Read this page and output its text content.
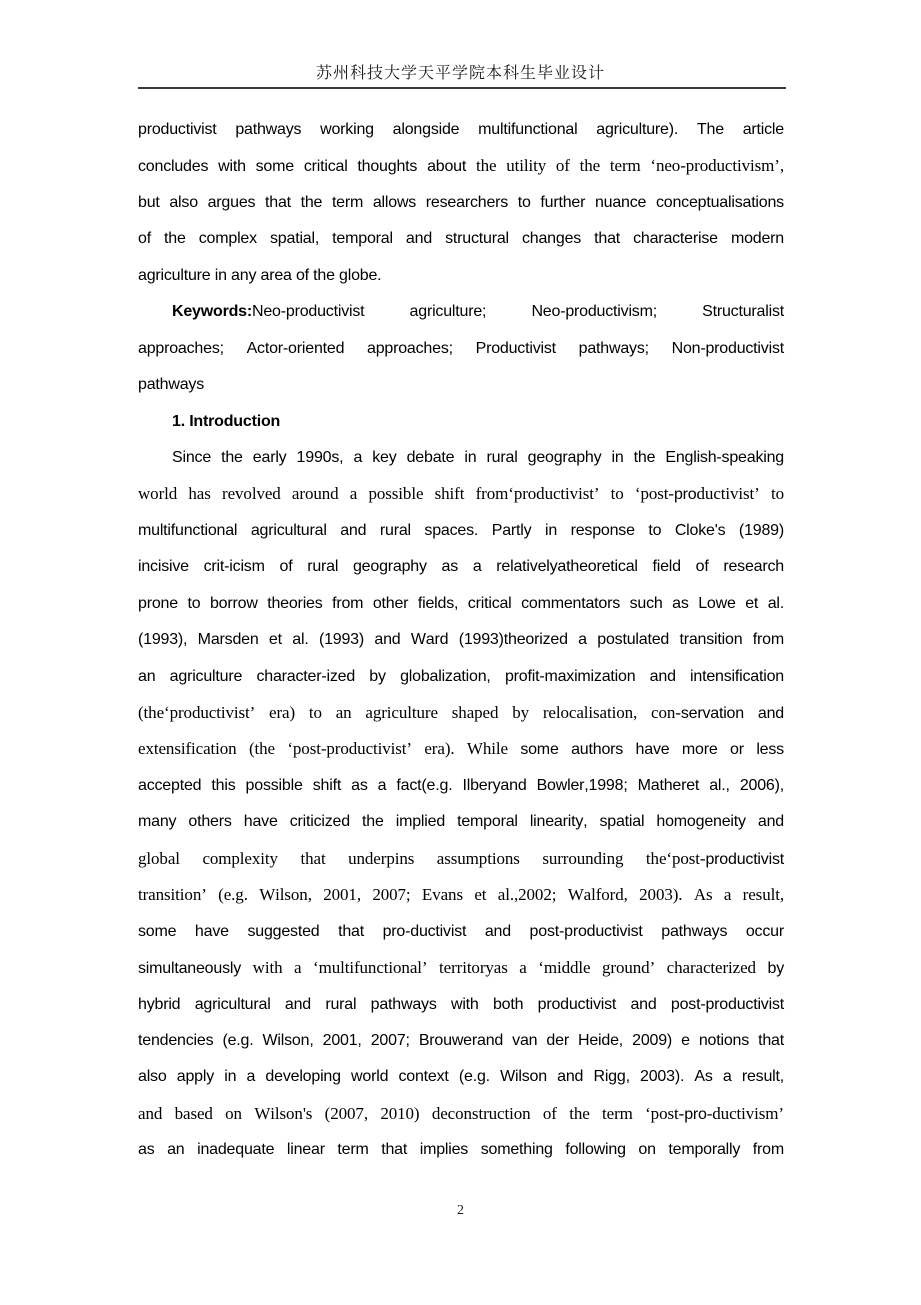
苏州科技大学天平学院本科生毕业设计
productivist pathways working alongside multifunctional agriculture). The article
concludes with some critical thoughts about the utility of the term ‘neo-productivism’,
but also argues that the term allows researchers to further nuance conceptualisations
of the complex spatial, temporal and structural changes that characterise modern
agriculture in any area of the globe.
Keywords:Neo-productivist agriculture; Neo-productivism; Structuralist
approaches; Actor-oriented approaches; Productivist pathways; Non-productivist
pathways
1. Introduction
Since the early 1990s, a key debate in rural geography in the English-speaking
world has revolved around a possible shift from‘productivist’ to ‘post-productivist’ to
multifunctional agricultural and rural spaces. Partly in response to Cloke's (1989)
incisive crit-icism of rural geography as a relativelyatheoretical field of research
prone to borrow theories from other fields, critical commentators such as Lowe et al.
(1993), Marsden et al. (1993) and Ward (1993)theorized a postulated transition from
an agriculture character-ized by globalization, profit-maximization and intensification
(the‘productivist’ era) to an agriculture shaped by relocalisation, con-servation and
extensification (the ‘post-productivist’ era). While some authors have more or less
accepted this possible shift as a fact(e.g. Ilberyand Bowler,1998; Matheret al., 2006),
many others have criticized the implied temporal linearity, spatial homogeneity and
global complexity that underpins assumptions surrounding the‘post-productivist
transition’ (e.g. Wilson, 2001, 2007; Evans et al.,2002; Walford, 2003). As a result,
some have suggested that pro-ductivist and post-productivist pathways occur
simultaneously with a ‘multifunctional’ territoryas a ‘middle ground’ characterized by
hybrid agricultural and rural pathways with both productivist and post-productivist
tendencies (e.g. Wilson, 2001, 2007; Brouwerand van der Heide, 2009) e notions that
also apply in a developing world context (e.g. Wilson and Rigg, 2003). As a result,
and based on Wilson's (2007, 2010) deconstruction of the term ‘post-pro-ductivism’
as an inadequate linear term that implies something following on temporally from
2
